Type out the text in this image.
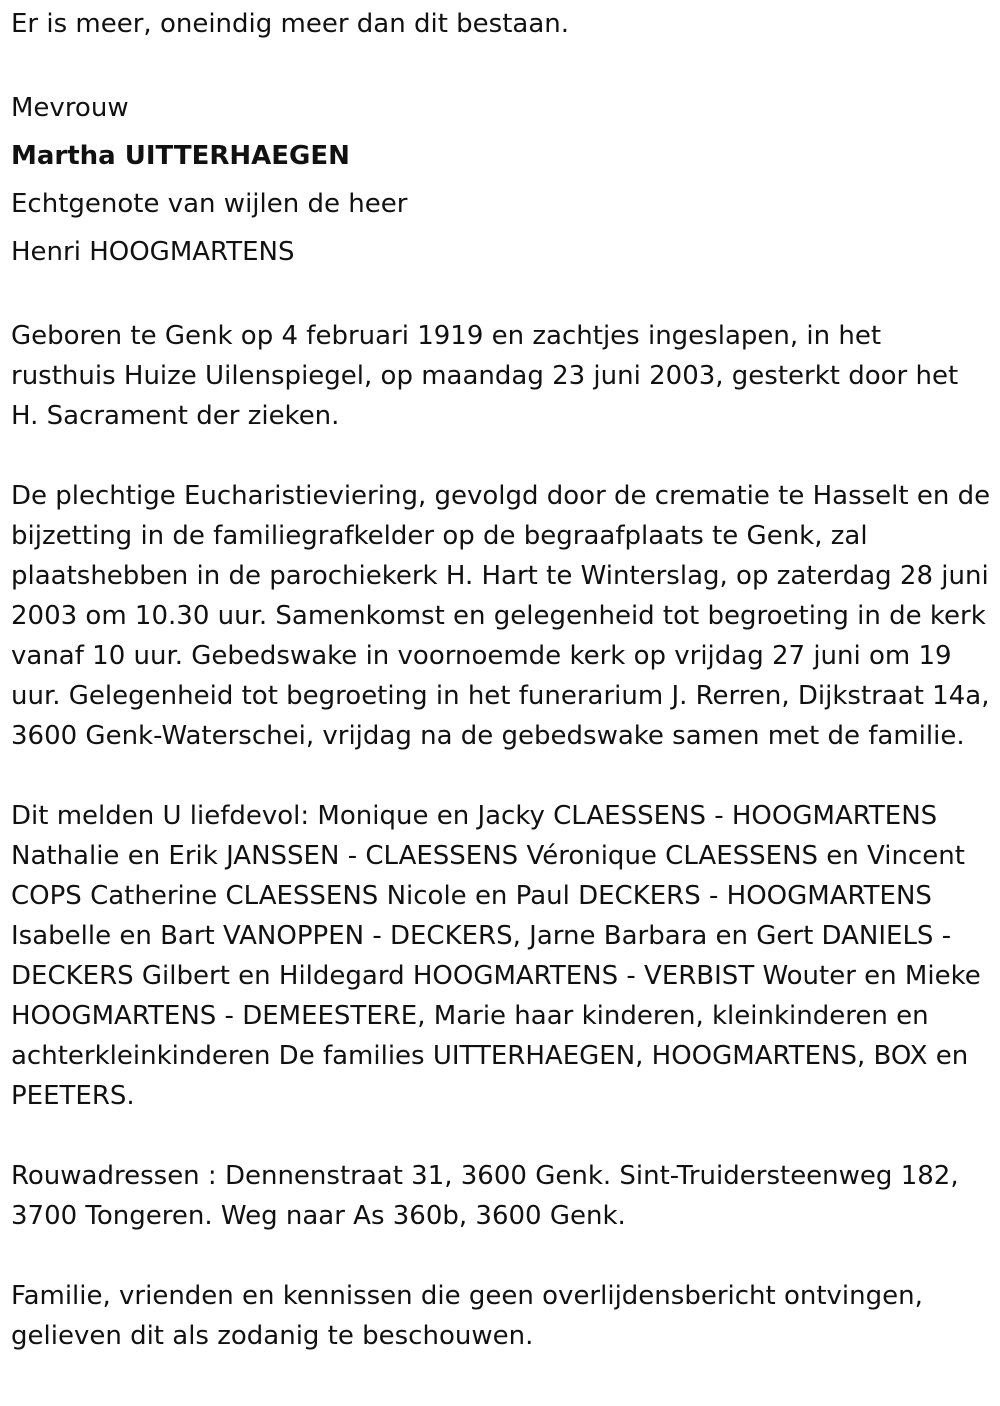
Er is meer, oneindig meer dan dit bestaan.

Mevrouw

Martha UITTERHAEGEN

Echtgenote van wijlen de heer

Henri HOOGMARTENS

Geboren te Genk op 4 februari 1919 en zachtjes ingeslapen, in het rusthuis Huize Uilenspiegel, op maandag 23 juni 2003, gesterkt door het H. Sacrament der zieken.

De plechtige Eucharistieviering, gevolgd door de crematie te Hasselt en de bijzetting in de familiegrafkelder op de begraafplaats te Genk, zal plaatshebben in de parochiekerk H. Hart te Winterslag, op zaterdag 28 juni 2003 om 10.30 uur. Samenkomst en gelegenheid tot begroeting in de kerk vanaf 10 uur. Gebedswake in voornoemde kerk op vrijdag 27 juni om 19 uur. Gelegenheid tot begroeting in het funerarium J. Rerren, Dijkstraat 14a, 3600 Genk-Waterschei, vrijdag na de gebedswake samen met de familie.

Dit melden U liefdevol: Monique en Jacky CLAESSENS - HOOGMARTENS Nathalie en Erik JANSSEN - CLAESSENS Véronique CLAESSENS en Vincent COPS Catherine CLAESSENS Nicole en Paul DECKERS - HOOGMARTENS Isabelle en Bart VANOPPEN - DECKERS, Jarne Barbara en Gert DANIELS - DECKERS Gilbert en Hildegard HOOGMARTENS - VERBIST Wouter en Mieke HOOGMARTENS - DEMEESTERE, Marie haar kinderen, kleinkinderen en achterkleinkinderen De families UITTERHAEGEN, HOOGMARTENS, BOX en PEETERS.

Rouwadressen : Dennenstraat 31, 3600 Genk. Sint-Truidersteenweg 182, 3700 Tongeren. Weg naar As 360b, 3600 Genk.

Familie, vrienden en kennissen die geen overlijdensbericht ontvingen, gelieven dit als zodanig te beschouwen.
